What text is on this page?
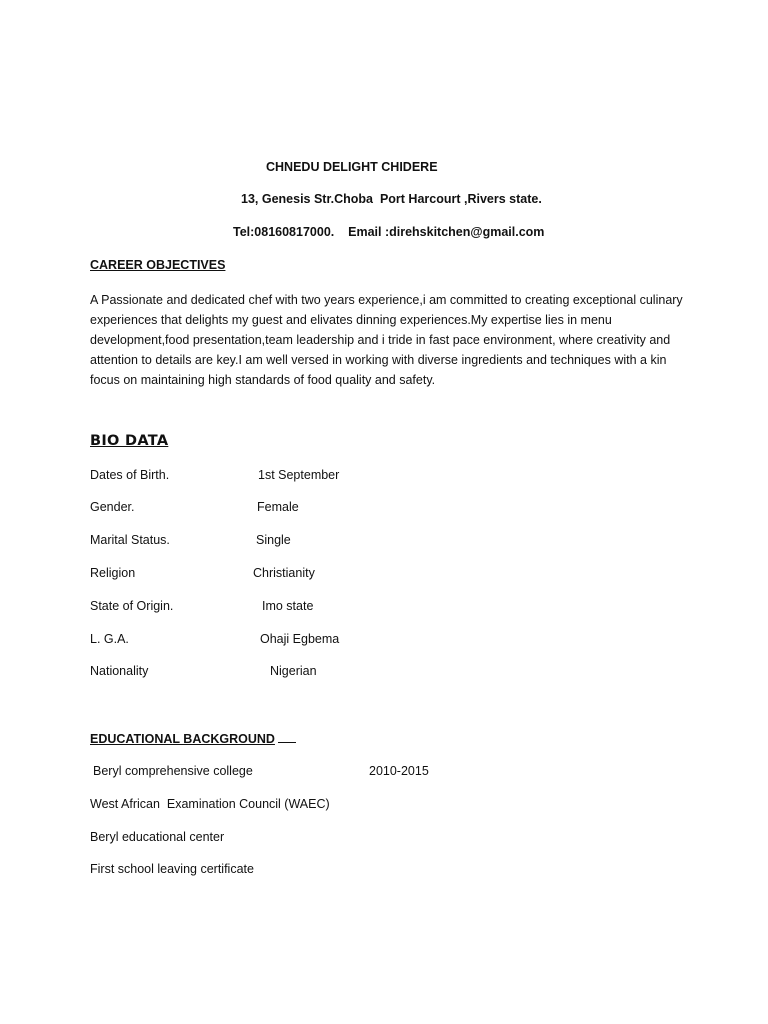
CHNEDU DELIGHT CHIDERE
13, Genesis Str.Choba  Port Harcourt ,Rivers state.
Tel:08160817000.    Email :direhskitchen@gmail.com
CAREER OBJECTIVES
A Passionate and dedicated chef with two years experience,i am committed to creating exceptional culinary experiences that delights my guest and elivates dinning experiences.My expertise lies in menu development,food presentation,team leadership and i tride in fast pace environment, where creativity and attention to details are key.I am well versed in working with diverse ingredients and techniques with a kin focus on maintaining high standards of food quality and safety.
BIO DATA
Dates of Birth.	1st September
Gender.	Female
Marital Status.	Single
Religion	Christianity
State of Origin.	Imo state
L. G.A.	Ohaji Egbema
Nationality	Nigerian
EDUCATIONAL BACKGROUND
Beryl comprehensive college	2010-2015
West African  Examination Council (WAEC)
Beryl educational center
First school leaving certificate
